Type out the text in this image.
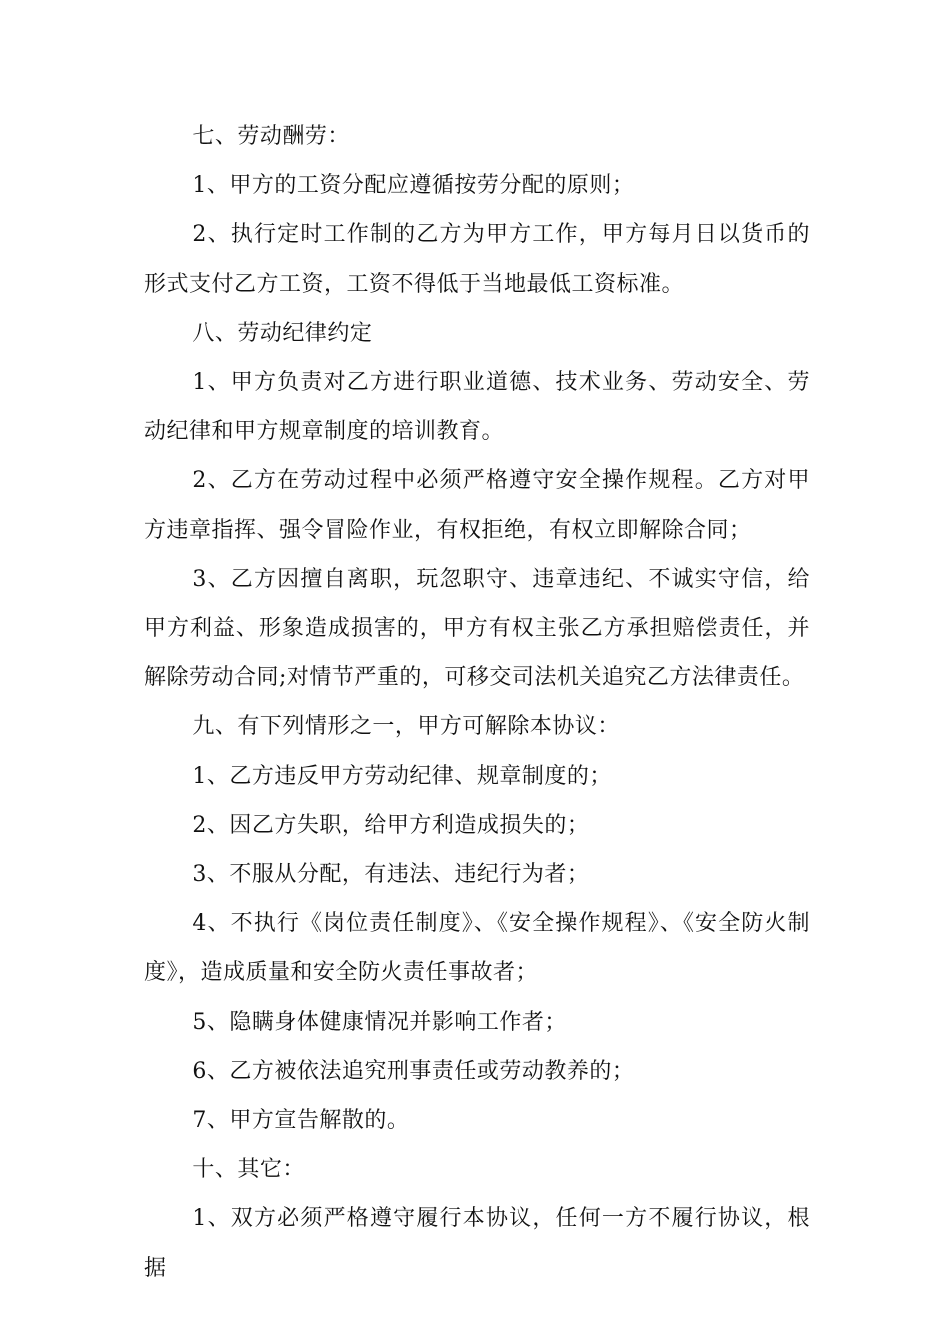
七、劳动酬劳：

1、甲方的工资分配应遵循按劳分配的原则；

2、执行定时工作制的乙方为甲方工作，甲方每月日以货币的形式支付乙方工资，工资不得低于当地最低工资标准。

八、劳动纪律约定

1、甲方负责对乙方进行职业道德、技术业务、劳动安全、劳动纪律和甲方规章制度的培训教育。

2、乙方在劳动过程中必须严格遵守安全操作规程。乙方对甲方违章指挥、强令冒险作业，有权拒绝，有权立即解除合同；

3、乙方因擅自离职，玩忽职守、违章违纪、不诚实守信，给甲方利益、形象造成损害的，甲方有权主张乙方承担赔偿责任，并解除劳动合同;对情节严重的，可移交司法机关追究乙方法律责任。

九、有下列情形之一，甲方可解除本协议：

1、乙方违反甲方劳动纪律、规章制度的；

2、因乙方失职，给甲方利造成损失的；

3、不服从分配，有违法、违纪行为者；

4、不执行《岗位责任制度》、《安全操作规程》、《安全防火制度》，造成质量和安全防火责任事故者；

5、隐瞒身体健康情况并影响工作者；

6、乙方被依法追究刑事责任或劳动教养的；

7、甲方宣告解散的。

十、其它：

1、双方必须严格遵守履行本协议，任何一方不履行协议，根据
